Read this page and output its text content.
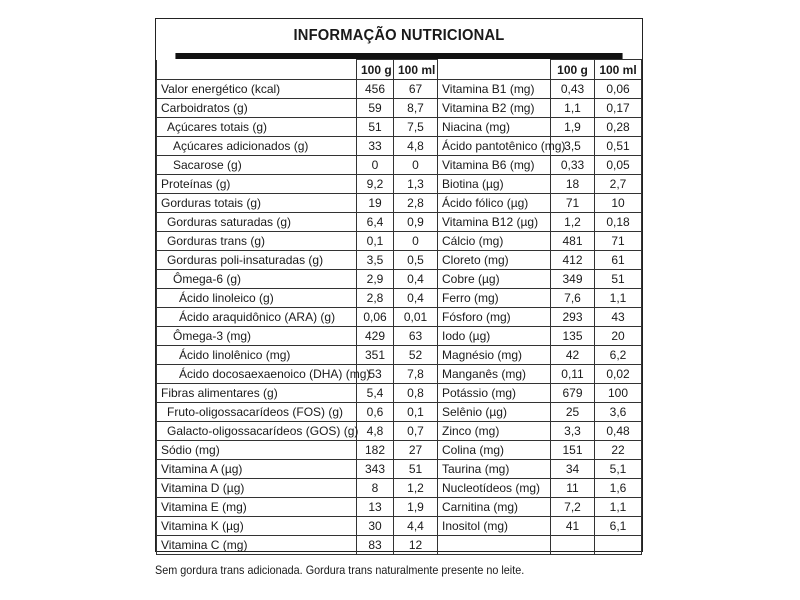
INFORMAÇÃO NUTRICIONAL
	100 g	100 ml		100 g	100 ml
Valor energético (kcal)	456	67	Vitamina B1 (mg)	0,43	0,06
Carboidratos (g)	59	8,7	Vitamina B2 (mg)	1,1	0,17
Açúcares totais (g)	51	7,5	Niacina (mg)	1,9	0,28
Açúcares adicionados (g)	33	4,8	Ácido pantotênico (mg)	3,5	0,51
Sacarose (g)	0	0	Vitamina B6 (mg)	0,33	0,05
Proteínas (g)	9,2	1,3	Biotina (µg)	18	2,7
Gorduras totais (g)	19	2,8	Ácido fólico (µg)	71	10
Gorduras saturadas (g)	6,4	0,9	Vitamina B12 (µg)	1,2	0,18
Gorduras trans (g)	0,1	0	Cálcio (mg)	481	71
Gorduras poli-insaturadas (g)	3,5	0,5	Cloreto (mg)	412	61
Ômega-6 (g)	2,9	0,4	Cobre (µg)	349	51
Ácido linoleico (g)	2,8	0,4	Ferro (mg)	7,6	1,1
Ácido araquidônico (ARA) (g)	0,06	0,01	Fósforo (mg)	293	43
Ômega-3 (mg)	429	63	Iodo (µg)	135	20
Ácido linolênico (mg)	351	52	Magnésio (mg)	42	6,2
Ácido docosaexaenoico (DHA) (mg)	53	7,8	Manganês (mg)	0,11	0,02
Fibras alimentares (g)	5,4	0,8	Potássio (mg)	679	100
Fruto-oligossacarídeos (FOS) (g)	0,6	0,1	Selênio (µg)	25	3,6
Galacto-oligossacarídeos (GOS) (g)	4,8	0,7	Zinco (mg)	3,3	0,48
Sódio (mg)	182	27	Colina (mg)	151	22
Vitamina A (µg)	343	51	Taurina (mg)	34	5,1
Vitamina D (µg)	8	1,2	Nucleotídeos (mg)	11	1,6
Vitamina E (mg)	13	1,9	Carnitina (mg)	7,2	1,1
Vitamina K (µg)	30	4,4	Inositol (mg)	41	6,1
Vitamina C (mg)	83	12			
Sem gordura trans adicionada. Gordura trans naturalmente presente no leite.
